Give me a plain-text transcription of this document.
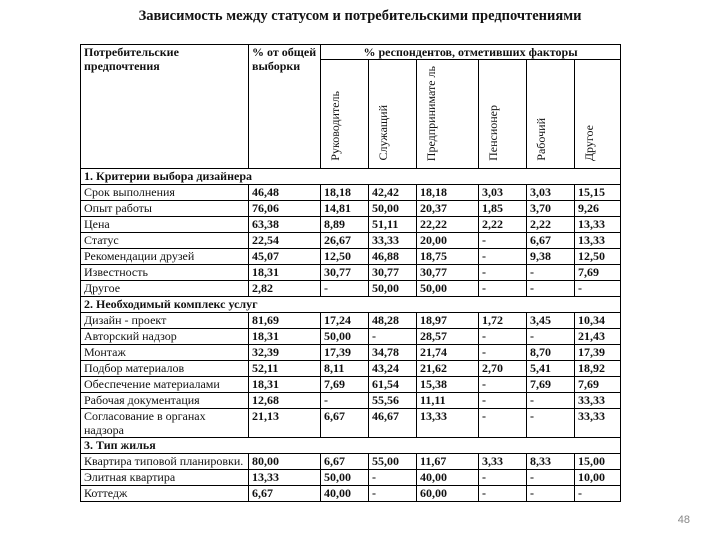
Зависимость между статусом и потребительскими предпочтениями
Потребительские предпочтения	% от общей выборки	% респондентов, отметивших факторы					
		Руководитель	Служащий	Предпринимате ль	Пенсионер	Рабочий	Другое
1. Критерии выбора дизайнера							
Срок выполнения	46,48	18,18	42,42	18,18	3,03	3,03	15,15
Опыт работы	76,06	14,81	50,00	20,37	1,85	3,70	9,26
Цена	63,38	8,89	51,11	22,22	2,22	2,22	13,33
Статус	22,54	26,67	33,33	20,00	-	6,67	13,33
Рекомендации друзей	45,07	12,50	46,88	18,75	-	9,38	12,50
Известность	18,31	30,77	30,77	30,77	-	-	7,69
Другое	2,82	-	50,00	50,00	-	-	-
2. Необходимый комплекс услуг							
Дизайн - проект	81,69	17,24	48,28	18,97	1,72	3,45	10,34
Авторский надзор	18,31	50,00	-	28,57	-	-	21,43
Монтаж	32,39	17,39	34,78	21,74	-	8,70	17,39
Подбор материалов	52,11	8,11	43,24	21,62	2,70	5,41	18,92
Обеспечение материалами	18,31	7,69	61,54	15,38	-	7,69	7,69
Рабочая документация	12,68	-	55,56	11,11	-	-	33,33
Согласование в органах надзора	21,13	6,67	46,67	13,33	-	-	33,33
3. Тип жилья							
Квартира типовой планировки.	80,00	6,67	55,00	11,67	3,33	8,33	15,00
Элитная квартира	13,33	50,00	-	40,00	-	-	10,00
Коттедж	6,67	40,00	-	60,00	-	-	-
48
